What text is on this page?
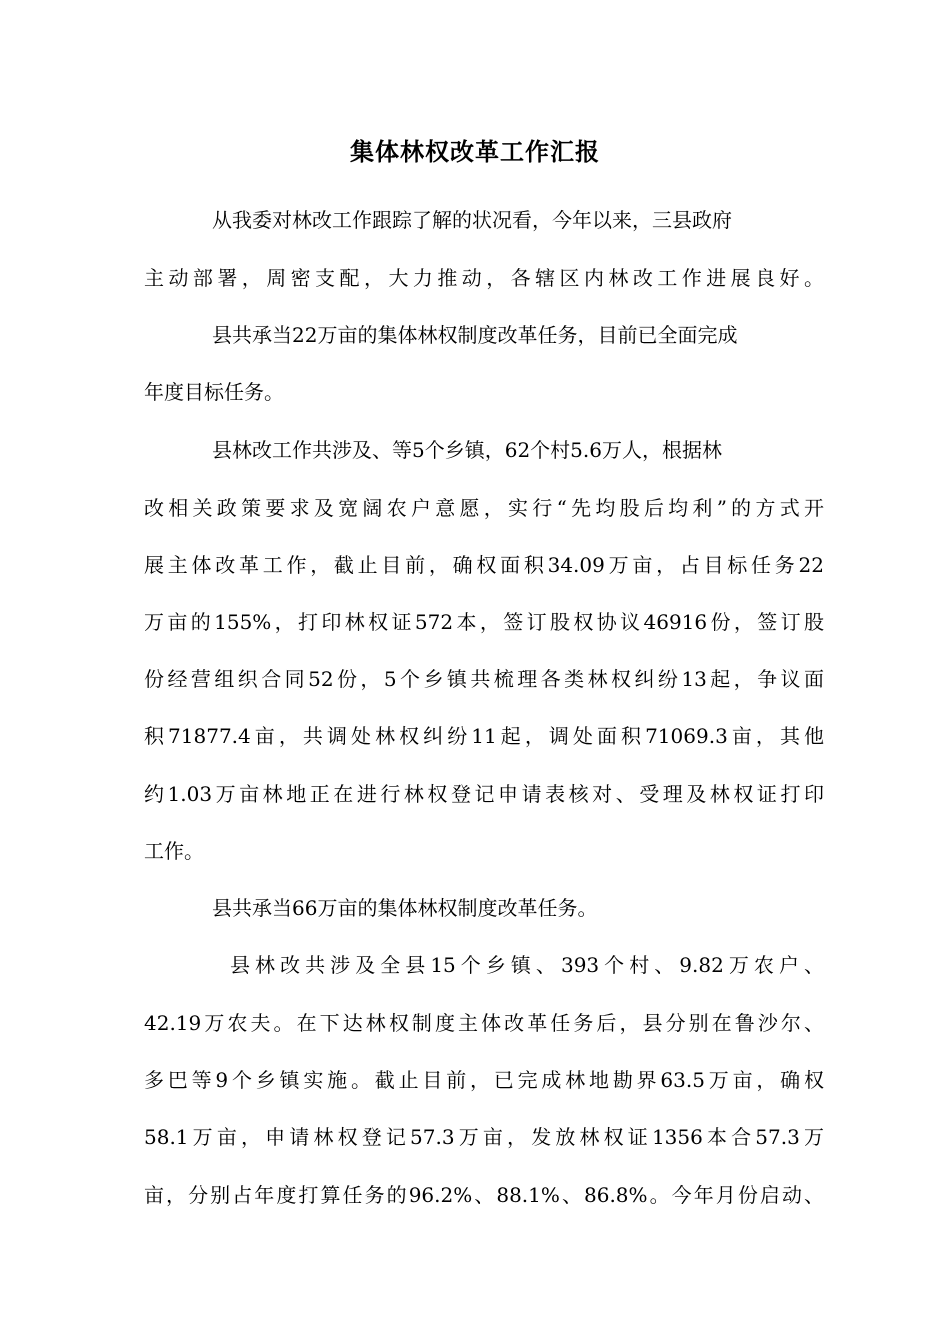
集体林权改革工作汇报
从我委对林改工作跟踪了解的状况看，今年以来，三县政府
主动部署，周密支配，大力推动，各辖区内林改工作进展良好。
县共承当22万亩的集体林权制度改革任务，目前已全面完成
年度目标任务。
县林改工作共涉及、等5个乡镇，62个村5.6万人，根据林
改相关政策要求及宽阔农户意愿，实行“先均股后均利”的方式开
展主体改革工作，截止目前，确权面积34.09万亩，占目标任务22
万亩的155%，打印林权证572本，签订股权协议46916份，签订股
份经营组织合同52份，5个乡镇共梳理各类林权纠纷13起，争议面
积71877.4亩，共调处林权纠纷11起，调处面积71069.3亩，其他
约1.03万亩林地正在进行林权登记申请表核对、受理及林权证打印
工作。
县共承当66万亩的集体林权制度改革任务。
县林改共涉及全县15个乡镇、393个村、9.82万农户、
42.19万农夫。在下达林权制度主体改革任务后，县分别在鲁沙尔、
多巴等9个乡镇实施。截止目前，已完成林地勘界63.5万亩，确权
58.1万亩，申请林权登记57.3万亩，发放林权证1356本合57.3万
亩，分别占年度打算任务的96.2%、88.1%、86.8%。今年月份启动、
